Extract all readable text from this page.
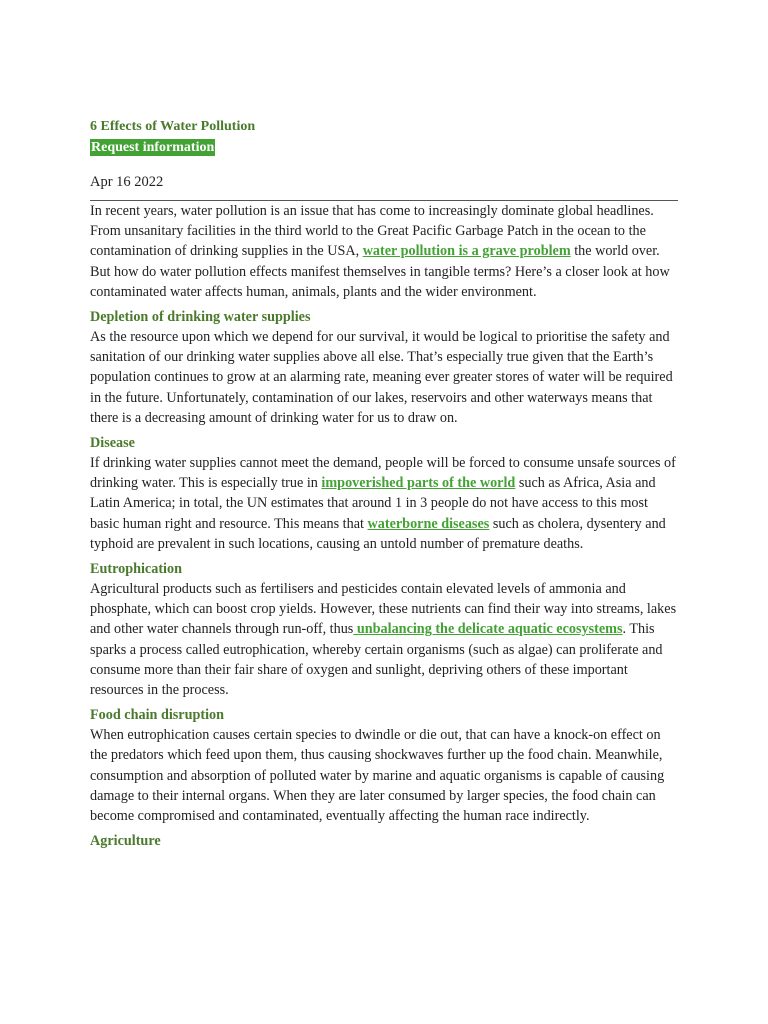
6 Effects of Water Pollution
Request information
Apr 16 2022

In recent years, water pollution is an issue that has come to increasingly dominate global headlines. From unsanitary facilities in the third world to the Great Pacific Garbage Patch in the ocean to the contamination of drinking supplies in the USA, water pollution is a grave problem the world over. But how do water pollution effects manifest themselves in tangible terms? Here’s a closer look at how contaminated water affects human, animals, plants and the wider environment.

Depletion of drinking water supplies

As the resource upon which we depend for our survival, it would be logical to prioritise the safety and sanitation of our drinking water supplies above all else. That’s especially true given that the Earth’s population continues to grow at an alarming rate, meaning ever greater stores of water will be required in the future. Unfortunately, contamination of our lakes, reservoirs and other waterways means that there is a decreasing amount of drinking water for us to draw on.

Disease

If drinking water supplies cannot meet the demand, people will be forced to consume unsafe sources of drinking water. This is especially true in impoverished parts of the world such as Africa, Asia and Latin America; in total, the UN estimates that around 1 in 3 people do not have access to this most basic human right and resource. This means that waterborne diseases such as cholera, dysentery and typhoid are prevalent in such locations, causing an untold number of premature deaths.

Eutrophication

Agricultural products such as fertilisers and pesticides contain elevated levels of ammonia and phosphate, which can boost crop yields. However, these nutrients can find their way into streams, lakes and other water channels through run-off, thus unbalancing the delicate aquatic ecosystems. This sparks a process called eutrophication, whereby certain organisms (such as algae) can proliferate and consume more than their fair share of oxygen and sunlight, depriving others of these important resources in the process.

Food chain disruption

When eutrophication causes certain species to dwindle or die out, that can have a knock-on effect on the predators which feed upon them, thus causing shockwaves further up the food chain. Meanwhile, consumption and absorption of polluted water by marine and aquatic organisms is capable of causing damage to their internal organs. When they are later consumed by larger species, the food chain can become compromised and contaminated, eventually affecting the human race indirectly.

Agriculture
